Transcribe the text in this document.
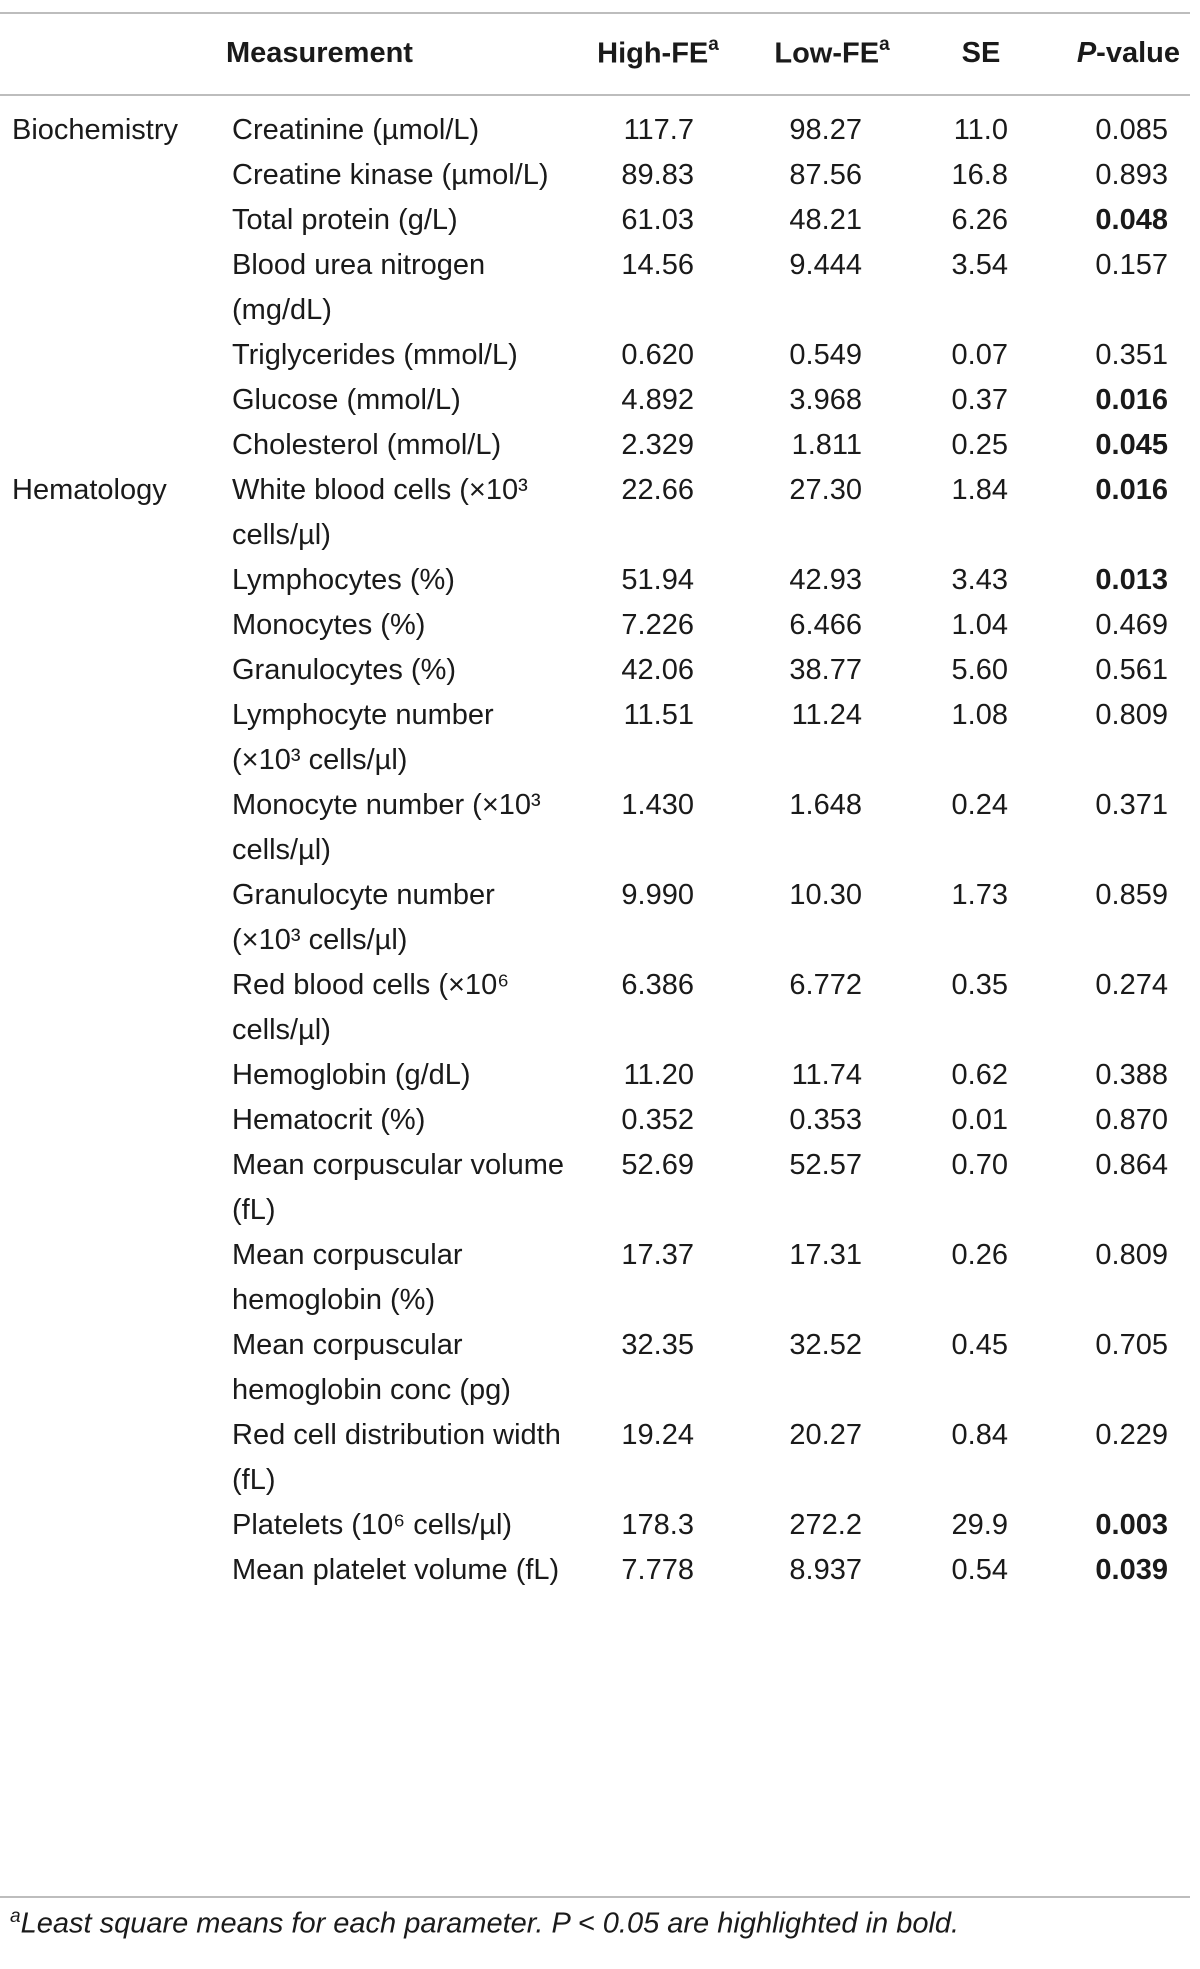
	Measurement	High-$FE^a$	Low-$FE^a$	SE	P-value
Biochemistry	Creatinine (µmol/L)	117.7	98.27	11.0	0.085
	Creatine kinase (µmol/L)	89.83	87.56	16.8	0.893
	Total protein (g/L)	61.03	48.21	6.26	0.048
	Blood urea nitrogen (mg/dL)	14.56	9.444	3.54	0.157
	Triglycerides (mmol/L)	0.620	0.549	0.07	0.351
	Glucose (mmol/L)	4.892	3.968	0.37	0.016
	Cholesterol (mmol/L)	2.329	1.811	0.25	0.045
Hematology	White blood cells (×10³ cells/µl)	22.66	27.30	1.84	0.016
	Lymphocytes (%)	51.94	42.93	3.43	0.013
	Monocytes (%)	7.226	6.466	1.04	0.469
	Granulocytes (%)	42.06	38.77	5.60	0.561
	Lymphocyte number (×10³ cells/µl)	11.51	11.24	1.08	0.809
	Monocyte number (×10³ cells/µl)	1.430	1.648	0.24	0.371
	Granulocyte number (×10³ cells/µl)	9.990	10.30	1.73	0.859
	Red blood cells (×10⁶ cells/µl)	6.386	6.772	0.35	0.274
	Hemoglobin (g/dL)	11.20	11.74	0.62	0.388
	Hematocrit (%)	0.352	0.353	0.01	0.870
	Mean corpuscular volume (fL)	52.69	52.57	0.70	0.864
	Mean corpuscular hemoglobin (%)	17.37	17.31	0.26	0.809
	Mean corpuscular hemoglobin conc (pg)	32.35	32.52	0.45	0.705
	Red cell distribution width (fL)	19.24	20.27	0.84	0.229
	Platelets (10⁶ cells/µl)	178.3	272.2	29.9	0.003
	Mean platelet volume (fL)	7.778	8.937	0.54	0.039
$^a$Least square means for each parameter. P < 0.05 are highlighted in bold.
